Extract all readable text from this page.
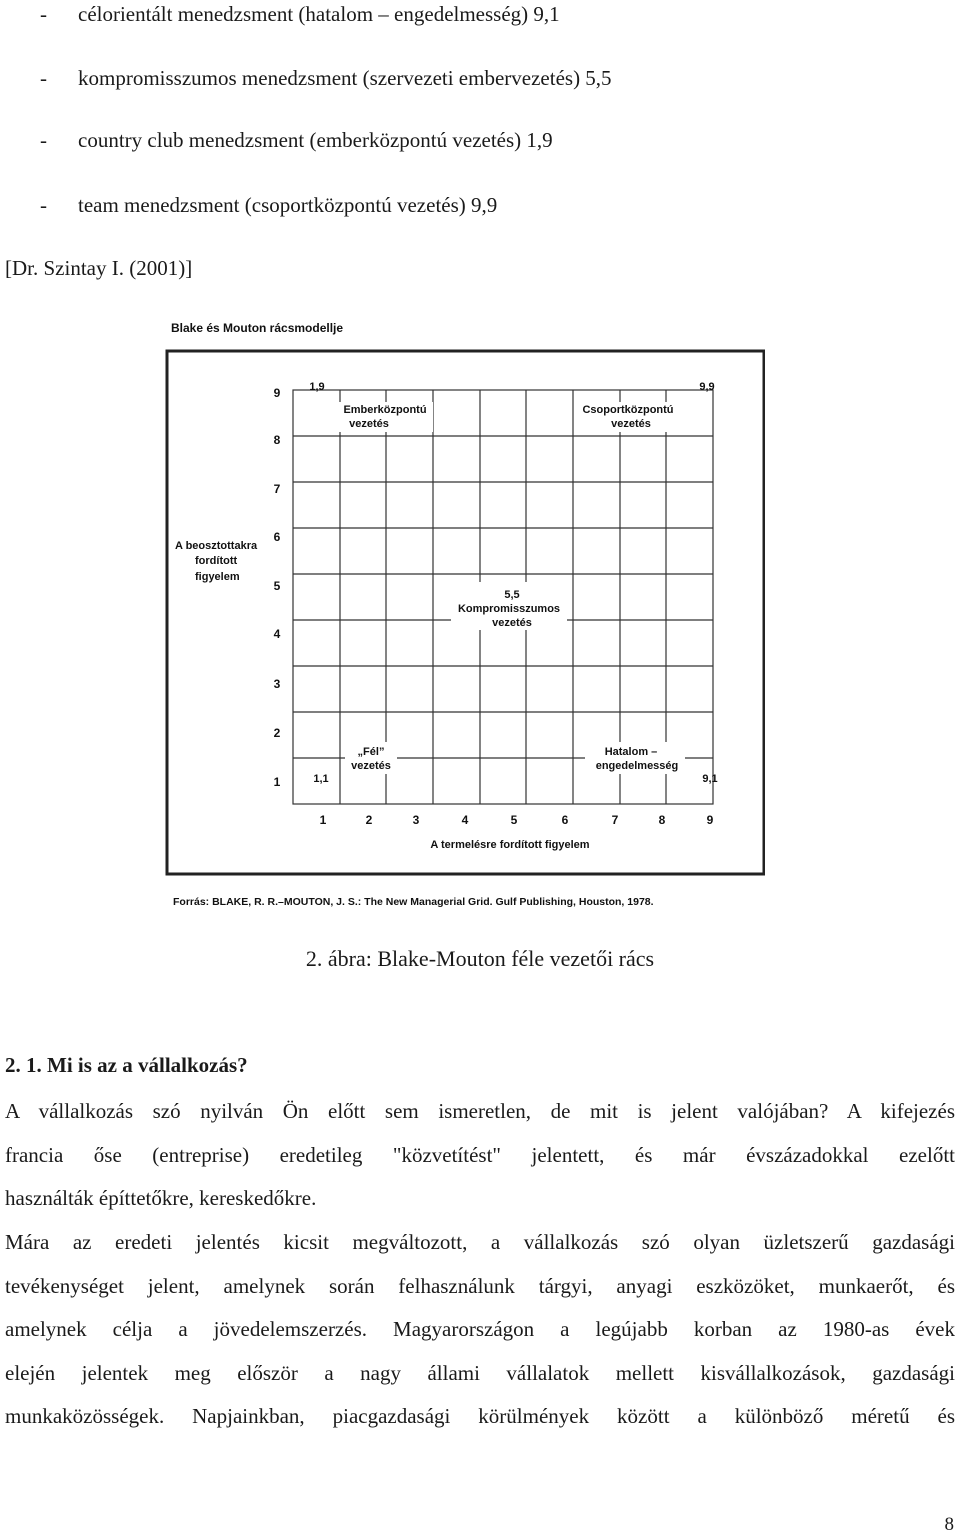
- célorientált menedzsment (hatalom – engedelmesség) 9,1
- kompromisszumos menedzsment (szervezeti embervezetés) 5,5
- country club menedzsment (emberközpontú vezetés) 1,9
- team menedzsment (csoportközpontú vezetés) 9,9
[Dr. Szintay I. (2001)]
Blake és Mouton rácsmodellje
9
8
7
6
5
4
3
2
1
1	2	3	4	5	6	7	8	9
A termelésre fordított figyelem
A beosztottakra
fordított
figyelem
1,9
Emberközpontú
vezetés
9,9
Csoportközpontú
vezetés
5,5
Kompromisszumos
vezetés
„Fél”
vezetés
1,1
Hatalom –
engedelmesség
9,1
Forrás: BLAKE, R. R.–MOUTON, J. S.: The New Managerial Grid. Gulf Publishing, Houston, 1978.
2. ábra: Blake-Mouton féle vezetői rács
2. 1. Mi is az a vállalkozás?
A vállalkozás szó nyilván Ön előtt sem ismeretlen, de mit is jelent valójában? A kifejezés
francia őse (entreprise) eredetileg "közvetítést" jelentett, és már évszázadokkal ezelőtt
használták építtetőkre, kereskedőkre.
Mára az eredeti jelentés kicsit megváltozott, a vállalkozás szó olyan üzletszerű gazdasági
tevékenységet jelent, amelynek során felhasználunk tárgyi, anyagi eszközöket, munkaerőt, és
amelynek célja a jövedelemszerzés. Magyarországon a legújabb korban az 1980-as évek
elején jelentek meg először a nagy állami vállalatok mellett kisvállalkozások, gazdasági
munkaközösségek. Napjainkban, piacgazdasági körülmények között a különböző méretű és
8
